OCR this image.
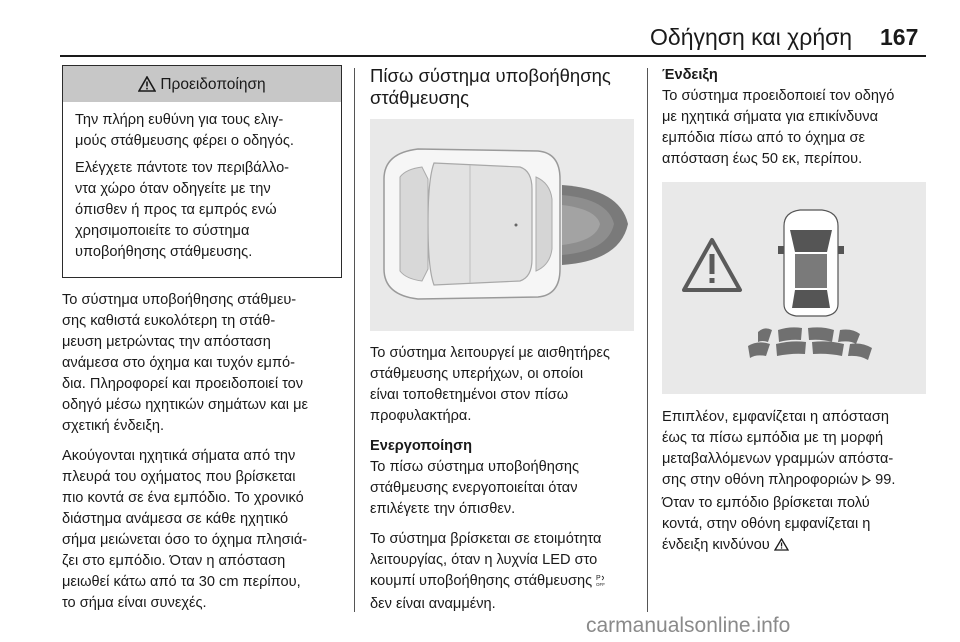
Οδήγηση και χρήση 167
Προειδοποίηση

Την πλήρη ευθύνη για τους ελιγ-
μούς στάθμευσης φέρει ο οδηγός.

Ελέγχετε πάντοτε τον περιβάλλο-
ντα χώρο όταν οδηγείτε με την
όπισθεν ή προς τα εμπρός ενώ
χρησιμοποιείτε το σύστημα
υποβοήθησης στάθμευσης.

Το σύστημα υποβοήθησης στάθμευ-
σης καθιστά ευκολότερη τη στάθ-
μευση μετρώντας την απόσταση
ανάμεσα στο όχημα και τυχόν εμπό-
δια. Πληροφορεί και προειδοποιεί τον
οδηγό μέσω ηχητικών σημάτων και με
σχετική ένδειξη.

Ακούγονται ηχητικά σήματα από την
πλευρά του οχήματος που βρίσκεται
πιο κοντά σε ένα εμπόδιο. Το χρονικό
διάστημα ανάμεσα σε κάθε ηχητικό
σήμα μειώνεται όσο το όχημα πλησιά-
ζει στο εμπόδιο. Όταν η απόσταση
μειωθεί κάτω από τα 30 cm περίπου,
το σήμα είναι συνεχές.

Πίσω σύστημα υποβοήθησης
στάθμευσης

Το σύστημα λειτουργεί με αισθητήρες
στάθμευσης υπερήχων, οι οποίοι
είναι τοποθετημένοι στον πίσω
προφυλακτήρα.

Ενεργοποίηση

Το πίσω σύστημα υποβοήθησης
στάθμευσης ενεργοποιείται όταν
επιλέγετε την όπισθεν.

Το σύστημα βρίσκεται σε ετοιμότητα
λειτουργίας, όταν η λυχνία LED στο
κουμπί υποβοήθησης στάθμευσης P
OFF

δεν είναι αναμμένη.

Ένδειξη

Το σύστημα προειδοποιεί τον οδηγό
με ηχητικά σήματα για επικίνδυνα
εμπόδια πίσω από το όχημα σε
απόσταση έως 50 εκ, περίπου.

Επιπλέον, εμφανίζεται η απόσταση
έως τα πίσω εμπόδια με τη μορφή
μεταβαλλόμενων γραμμών απόστα-
σης στην οθόνη πληροφοριών 99.
Όταν το εμπόδιο βρίσκεται πολύ
κοντά, στην οθόνη εμφανίζεται η
ένδειξη κινδύνου

carmanualsonline.info
